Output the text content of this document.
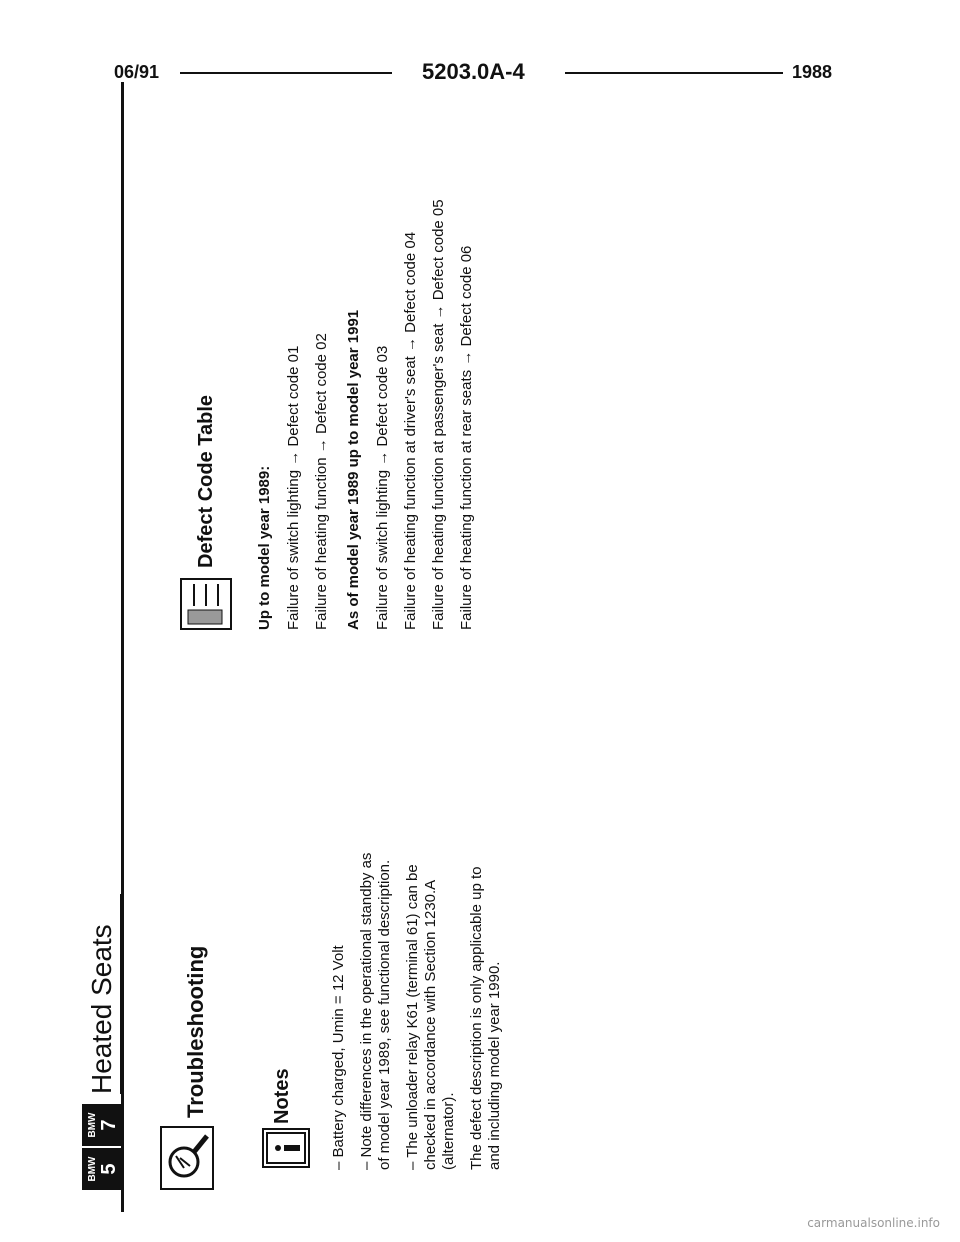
06/91	5203.0A-4	1988
BMW 5
BMW 7
Heated Seats	Troubleshooting	Notes – Battery charged, Umin = 12 Volt – Note differences in the operational standby as of model year 1989, see functional description. – The unloader relay K61 (terminal 61) can be checked in accordance with Section 1230.A (alternator). The defect description is only applicable up to and including model year 1990.

Defect Code Table	Up to model year 1989: Failure of switch lighting → Defect code 01 Failure of heating function → Defect code 02 As of model year 1989 up to model year 1991 Failure of switch lighting → Defect code 03 Failure of heating function at driver's seat → Defect code 04 Failure of heating function at passenger's seat → Defect code 05 Failure of heating function at rear seats → Defect code 06
carmanualsonline.info
